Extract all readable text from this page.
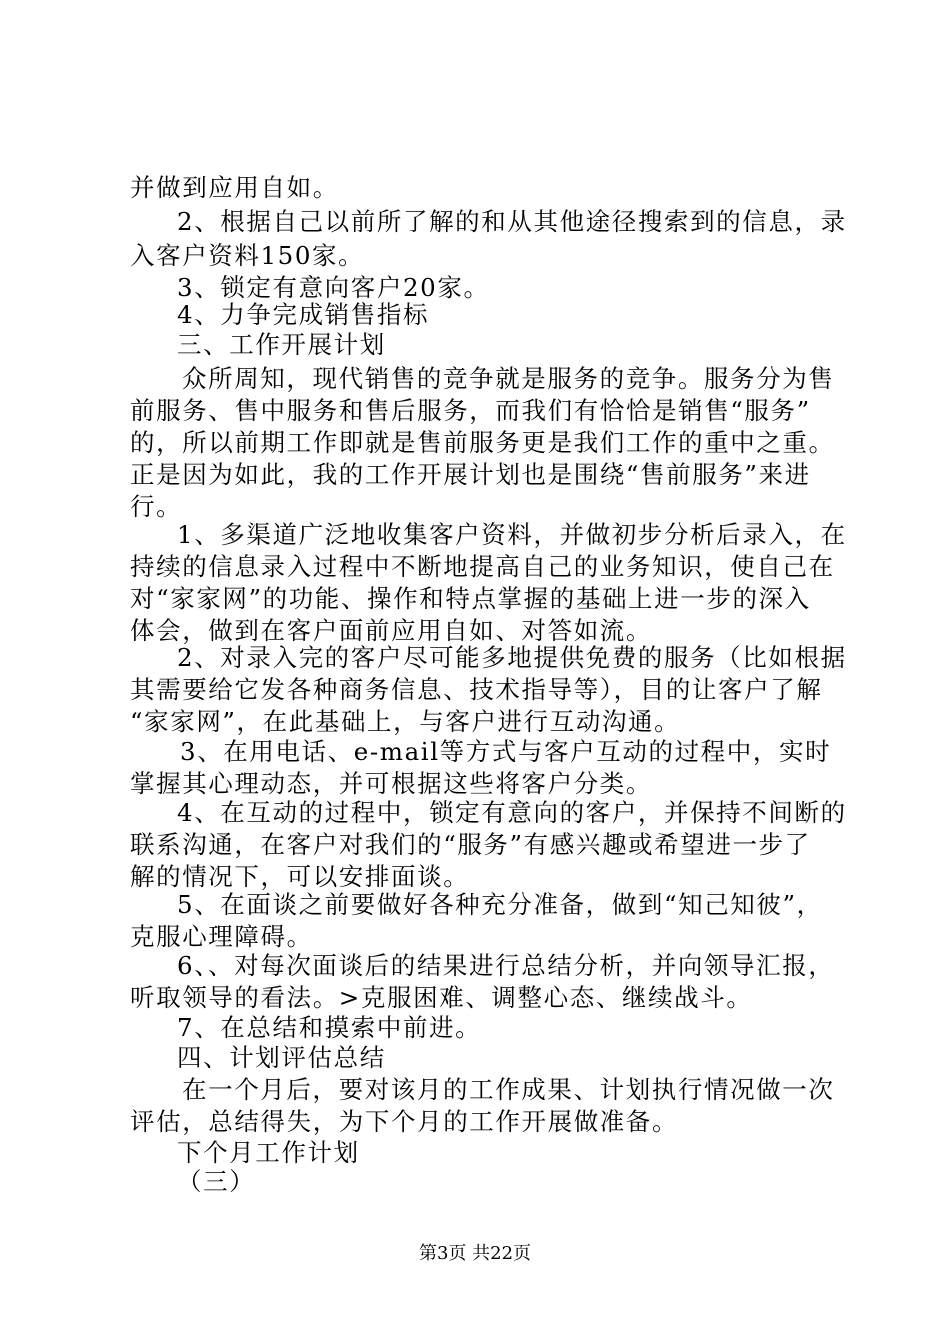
并做到应用自如。
2、根据自己以前所了解的和从其他途径搜索到的信息，录
入客户资料150家。
3、锁定有意向客户20家。
4、力争完成销售指标
三、工作开展计划
众所周知，现代销售的竞争就是服务的竞争。服务分为售
前服务、售中服务和售后服务，而我们有恰恰是销售“服务”
的，所以前期工作即就是售前服务更是我们工作的重中之重。
正是因为如此，我的工作开展计划也是围绕“售前服务”来进
行。
1、多渠道广泛地收集客户资料，并做初步分析后录入，在
持续的信息录入过程中不断地提高自己的业务知识，使自己在
对“家家网”的功能、操作和特点掌握的基础上进一步的深入
体会，做到在客户面前应用自如、对答如流。
2、对录入完的客户尽可能多地提供免费的服务（比如根据
其需要给它发各种商务信息、技术指导等），目的让客户了解
“家家网”，在此基础上，与客户进行互动沟通。
3、在用电话、e-mail等方式与客户互动的过程中，实时
掌握其心理动态，并可根据这些将客户分类。
4、在互动的过程中，锁定有意向的客户，并保持不间断的
联系沟通，在客户对我们的“服务”有感兴趣或希望进一步了
解的情况下，可以安排面谈。
5、在面谈之前要做好各种充分准备，做到“知己知彼”，
克服心理障碍。
6、、对每次面谈后的结果进行总结分析，并向领导汇报，
听取领导的看法。>克服困难、调整心态、继续战斗。
7、在总结和摸索中前进。
四、计划评估总结
在一个月后，要对该月的工作成果、计划执行情况做一次
评估，总结得失，为下个月的工作开展做准备。
下个月工作计划
（三）
第3页 共22页
